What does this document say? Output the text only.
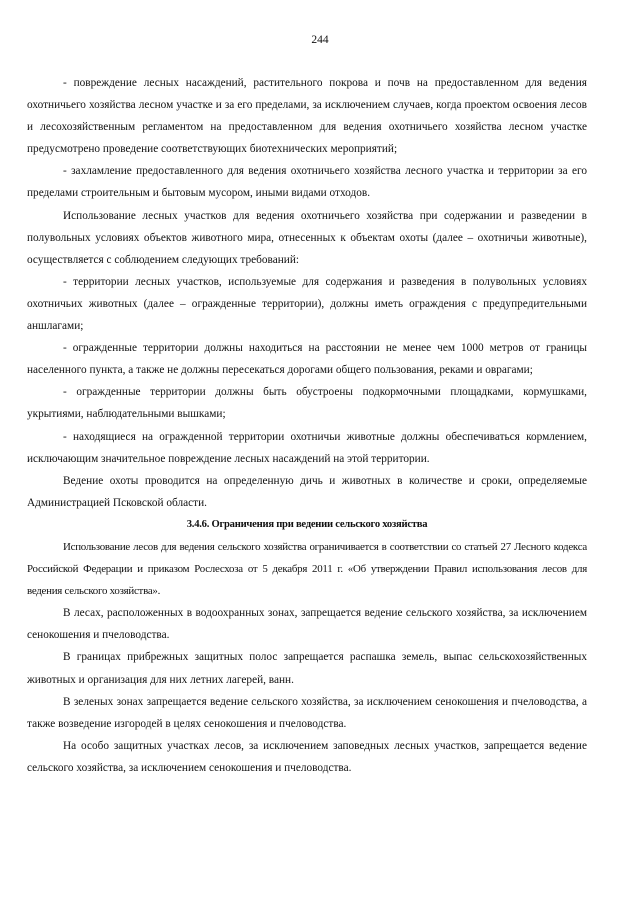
244

- повреждение лесных насаждений, растительного покрова и почв на предоставленном для ведения охотничьего хозяйства лесном участке и за его пределами, за исключением случаев, когда проектом освоения лесов и лесохозяйственным регламентом на предоставленном для ведения охотничьего хозяйства лесном участке предусмотрено проведение соответствующих биотехнических мероприятий;

- захламление предоставленного для ведения охотничьего хозяйства лесного участка и территории за его пределами строительным и бытовым мусором, иными видами отходов.

Использование лесных участков для ведения охотничьего хозяйства при содержании и разведении в полувольных условиях объектов животного мира, отнесенных к объектам охоты (далее – охотничьи животные), осуществляется с соблюдением следующих требований:

- территории лесных участков, используемые для содержания и разведения в полувольных условиях охотничьих животных (далее – огражденные территории), должны иметь ограждения с предупредительными аншлагами;

- огражденные территории должны находиться на расстоянии не менее чем 1000 метров от границы населенного пункта, а также не должны пересекаться дорогами общего пользования, реками и оврагами;

- огражденные территории должны быть обустроены подкормочными площадками, кормушками, укрытиями, наблюдательными вышками;

- находящиеся на огражденной территории охотничьи животные должны обеспечиваться кормлением, исключающим значительное повреждение лесных насаждений на этой территории.

Ведение охоты проводится на определенную дичь и животных в количестве и сроки, определяемые Администрацией Псковской области.

3.4.6. Ограничения при ведении сельского хозяйства

Использование лесов для ведения сельского хозяйства ограничивается в соответствии со статьей 27 Лесного кодекса Российской Федерации и приказом Рослесхоза от 5 декабря 2011 г. «Об утверждении Правил использования лесов для ведения сельского хозяйства».

В лесах, расположенных в водоохранных зонах, запрещается ведение сельского хозяйства, за исключением сенокошения и пчеловодства.

В границах прибрежных защитных полос запрещается распашка земель, выпас сельскохозяйственных животных и организация для них летних лагерей, ванн.

В зеленых зонах запрещается ведение сельского хозяйства, за исключением сенокошения и пчеловодства, а также возведение изгородей в целях сенокошения и пчеловодства.

На особо защитных участках лесов, за исключением заповедных лесных участков, запрещается ведение сельского хозяйства, за исключением сенокошения и пчеловодства.
